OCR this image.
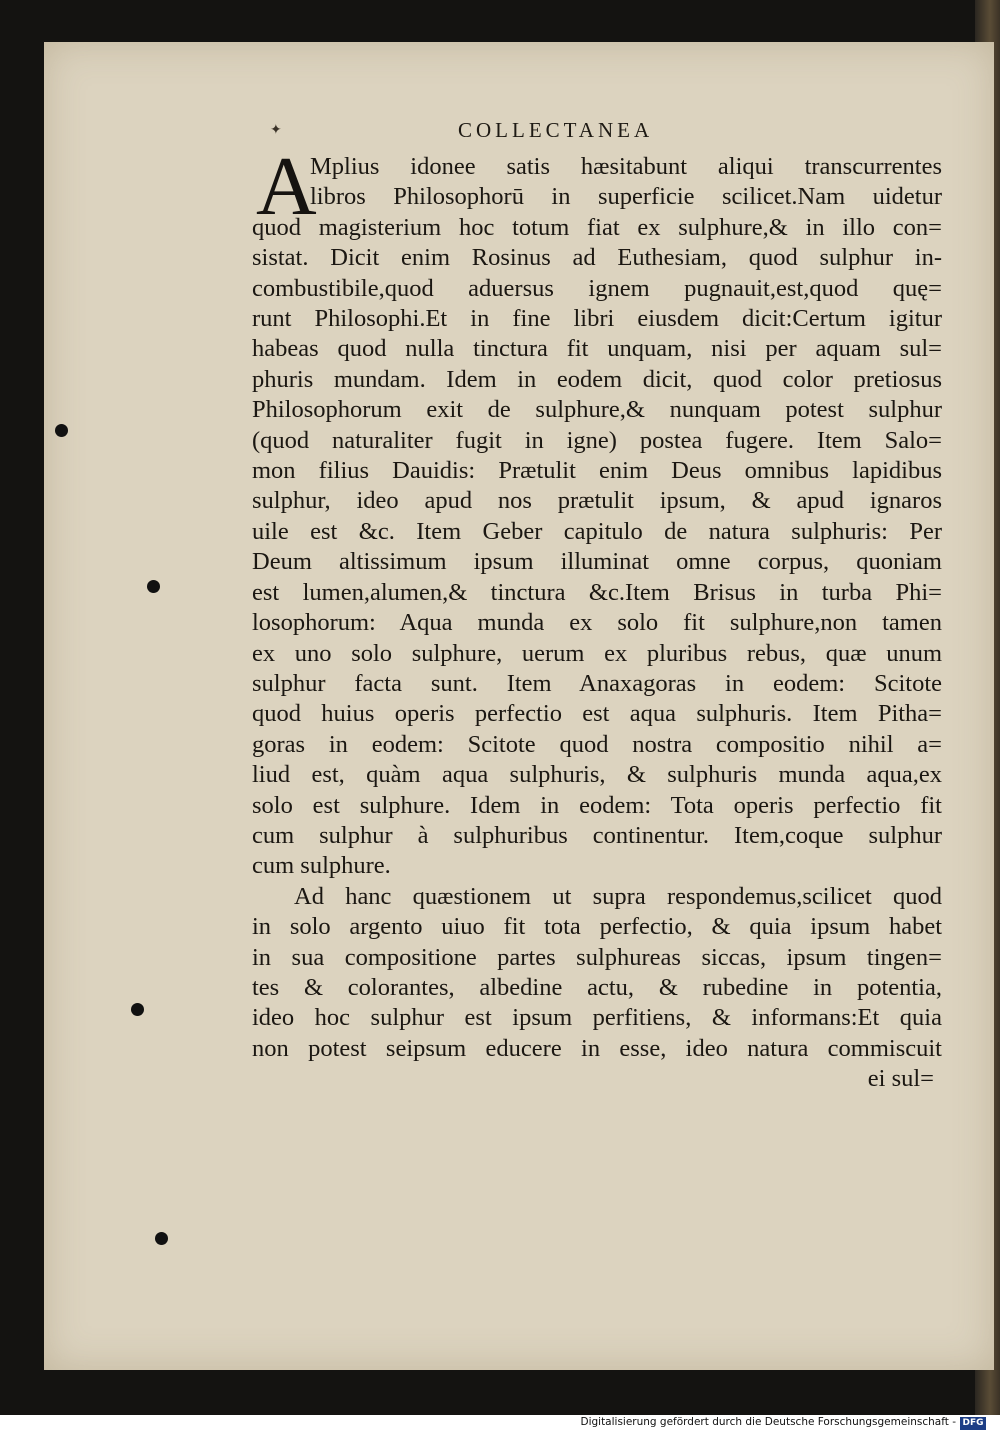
✦	COLLECTANEA
A
Mplius idonee satis hæsitabunt aliqui transcurrentes
libros Philosophorū in superficie scilicet.Nam uidetur
quod magisterium hoc totum fiat ex sulphure,& in illo con=
sistat. Dicit enim Rosinus ad Euthesiam, quod sulphur in-
combustibile,quod aduersus ignem pugnauit,est,quod quę=
runt Philosophi.Et in fine libri eiusdem dicit:Certum igitur
habeas quod nulla tinctura fit unquam, nisi per aquam sul=
phuris mundam. Idem in eodem dicit, quod color pretiosus
Philosophorum exit de sulphure,& nunquam potest sulphur
(quod naturaliter fugit in igne) postea fugere. Item Salo=
mon filius Dauidis: Prætulit enim Deus omnibus lapidibus
sulphur, ideo apud nos prætulit ipsum, & apud ignaros
uile est &c. Item Geber capitulo de natura sulphuris: Per
Deum altissimum ipsum illuminat omne corpus, quoniam
est lumen,alumen,& tinctura &c.Item Brisus in turba Phi=
losophorum: Aqua munda ex solo fit sulphure,non tamen
ex uno solo sulphure, uerum ex pluribus rebus, quæ unum
sulphur facta sunt. Item Anaxagoras in eodem: Scitote
quod huius operis perfectio est aqua sulphuris. Item Pitha=
goras in eodem: Scitote quod nostra compositio nihil a=
liud est, quàm aqua sulphuris, & sulphuris munda aqua,ex
solo est sulphure. Idem in eodem: Tota operis perfectio fit
cum sulphur à sulphuribus continentur. Item,coque sulphur
cum sulphure.
Ad hanc quæstionem ut supra respondemus,scilicet quod
in solo argento uiuo fit tota perfectio, & quia ipsum habet
in sua compositione partes sulphureas siccas, ipsum tingen=
tes & colorantes, albedine actu, & rubedine in potentia,
ideo hoc sulphur est ipsum perfitiens, & informans:Et quia
non potest seipsum educere in esse, ideo natura commiscuit
ei sul=
Digitalisierung gefördert durch die Deutsche Forschungsgemeinschaft - DFG
